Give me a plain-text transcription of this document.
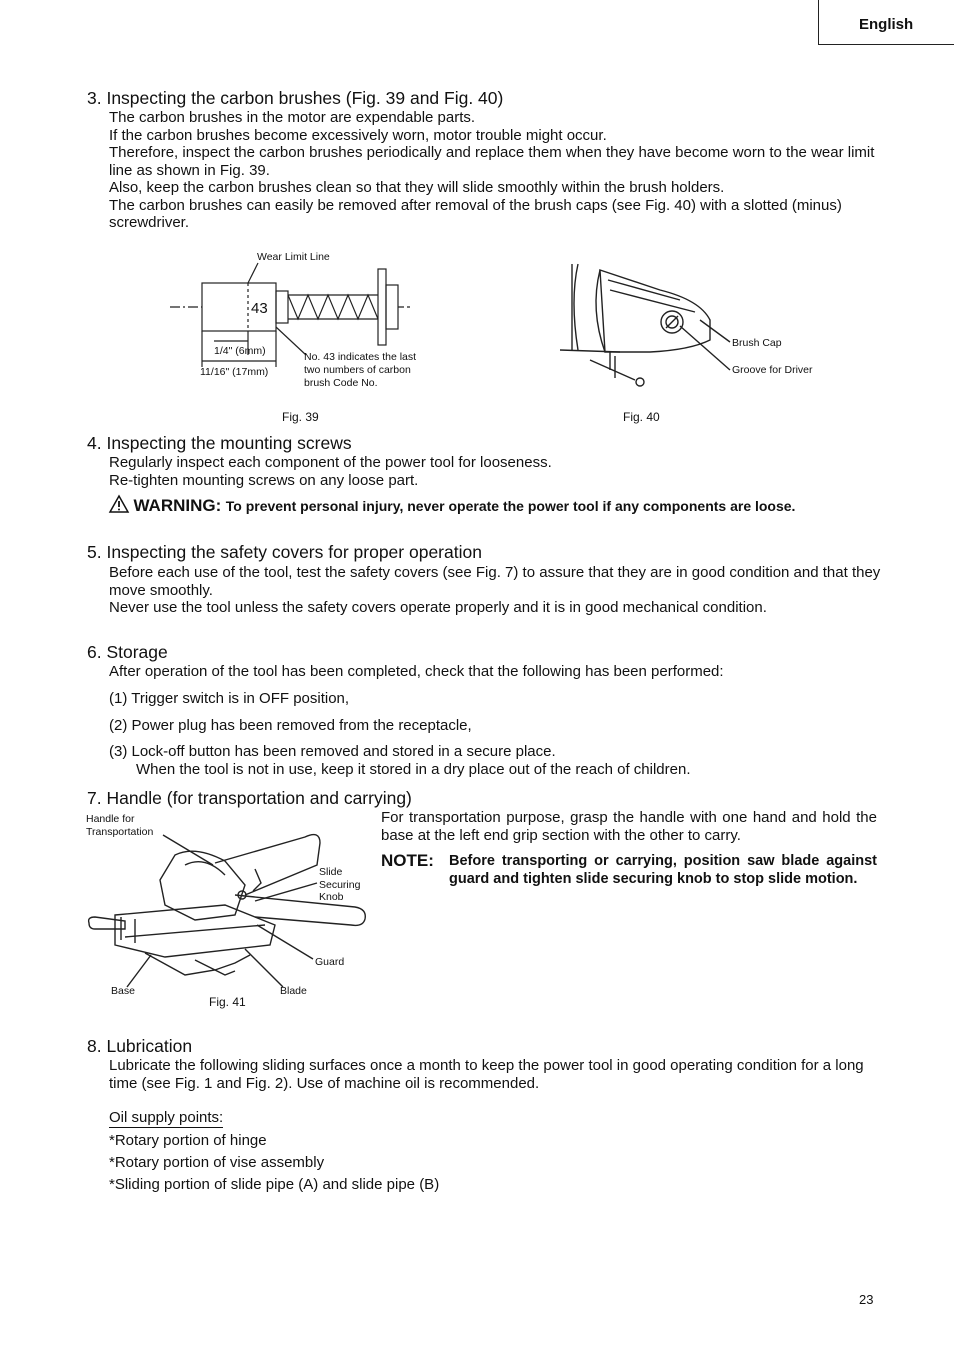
English
3. Inspecting the carbon brushes (Fig. 39 and Fig. 40)
The carbon brushes in the motor are expendable parts.
If the carbon brushes become excessively worn, motor trouble might occur.
Therefore, inspect the carbon brushes periodically and replace them when they have become worn to the wear limit line as shown in Fig. 39.
Also, keep the carbon brushes clean so that they will slide smoothly within the brush holders.
The carbon brushes can easily be removed after removal of the brush caps (see Fig. 40) with a slotted (minus) screwdriver.
Wear Limit Line
43
1/4" (6mm)
11/16" (17mm)
No. 43 indicates the last
two numbers of carbon
brush Code No.
Fig. 39
Brush Cap
Groove for Driver
Fig. 40
4. Inspecting the mounting screws
Regularly inspect each component of the power tool for looseness.
Re-tighten mounting screws on any loose part.
WARNING: To prevent personal injury, never operate the power tool if any components are loose.
5. Inspecting the safety covers for proper operation
Before each use of the tool, test the safety covers (see Fig. 7) to assure that they are in good condition and that they move smoothly.
Never use the tool unless the safety covers operate properly and it is in good mechanical condition.
6. Storage
After operation of the tool has been completed, check that the following has been performed:
(1) Trigger switch is in OFF position,
(2) Power plug has been removed from the receptacle,
(3) Lock-off button has been removed and stored in a secure place.
When the tool is not in use, keep it stored in a dry place out of the reach of children.
7. Handle (for transportation and carrying)
For transportation purpose, grasp the handle with one hand and hold the base at the left end grip section with the other to carry.
NOTE: Before transporting or carrying, position saw blade against guard and tighten slide securing knob to stop slide motion.
Handle for
Transportation
Slide
Securing
Knob
Guard
Base	Blade
Fig. 41
8. Lubrication
Lubricate the following sliding surfaces once a month to keep the power tool in good operating condition for a long time (see Fig. 1 and Fig. 2). Use of machine oil is recommended.
Oil supply points:
*Rotary portion of hinge
*Rotary portion of vise assembly
*Sliding portion of slide pipe (A) and slide pipe (B)
23
